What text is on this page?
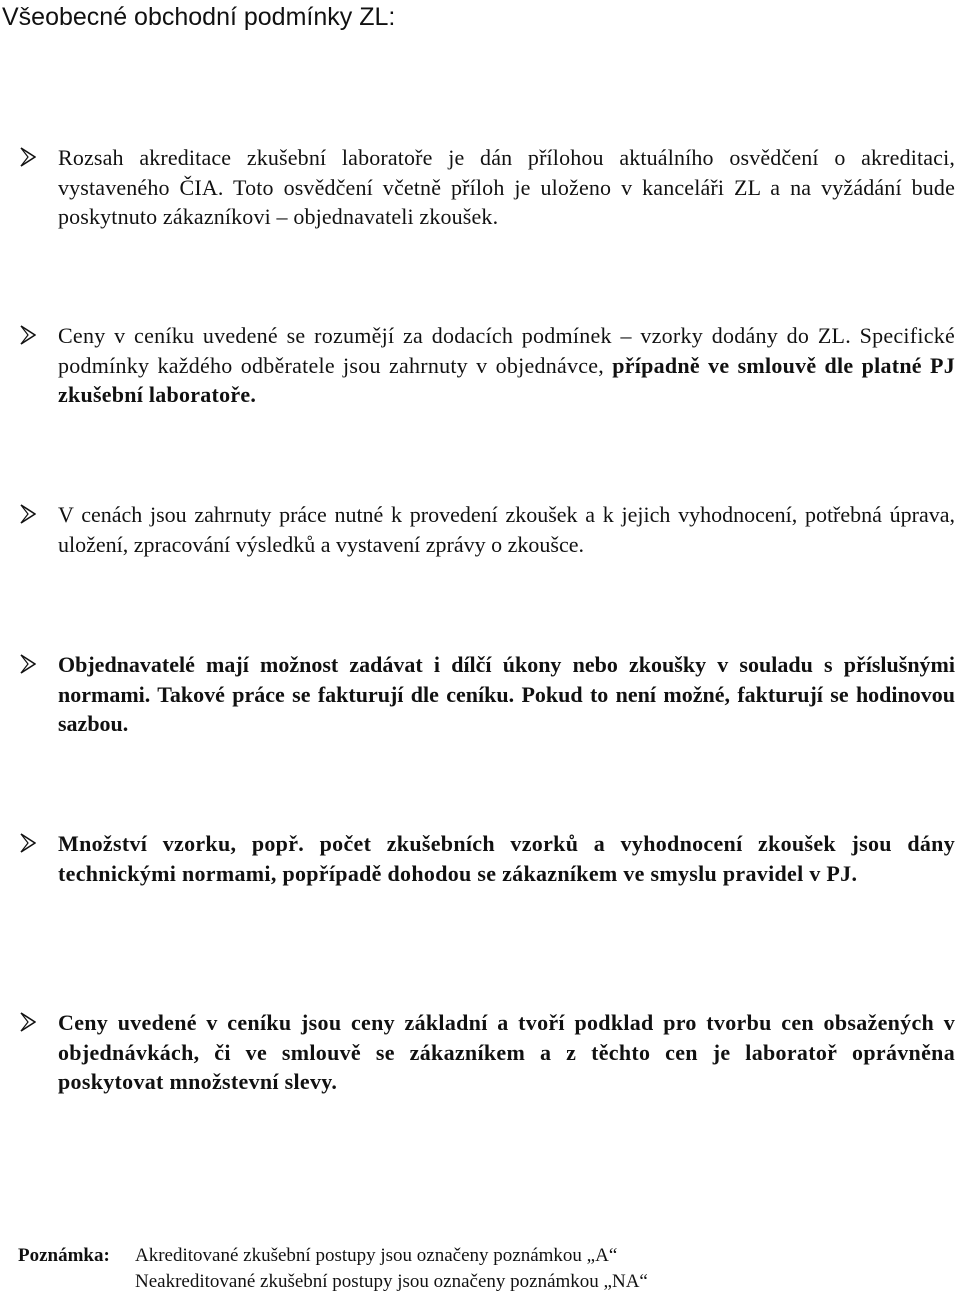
Všeobecné obchodní podmínky ZL:
Rozsah akreditace zkušební laboratoře je dán přílohou aktuálního osvědčení o akreditaci, vystaveného ČIA. Toto osvědčení včetně příloh je uloženo v kanceláři ZL a na vyžádání bude poskytnuto zákazníkovi – objednavateli zkoušek.
Ceny v ceníku uvedené se rozumějí za dodacích podmínek – vzorky dodány do ZL. Specifické podmínky každého odběratele jsou zahrnuty v objednávce, případně ve smlouvě dle platné PJ zkušební laboratoře.
V cenách jsou zahrnuty práce nutné k provedení zkoušek a k jejich vyhodnocení, potřebná úprava, uložení, zpracování výsledků a vystavení zprávy o zkoušce.
Objednavatelé mají možnost zadávat i dílčí úkony nebo zkoušky v souladu s příslušnými normami. Takové práce se fakturují dle ceníku. Pokud to není možné, fakturují se hodinovou sazbou.
Množství vzorku, popř. počet zkušebních vzorků a vyhodnocení zkoušek jsou dány technickými normami, popřípadě dohodou se zákazníkem ve smyslu pravidel v PJ.
Ceny uvedené v ceníku jsou ceny základní a tvoří podklad pro tvorbu cen obsažených v objednávkách, či ve smlouvě se zákazníkem a z těchto cen je laboratoř oprávněna poskytovat množstevní slevy.
Poznámka: Akreditované zkušební postupy jsou označeny poznámkou „A“
Neakreditované zkušební postupy jsou označeny poznámkou „NA“
